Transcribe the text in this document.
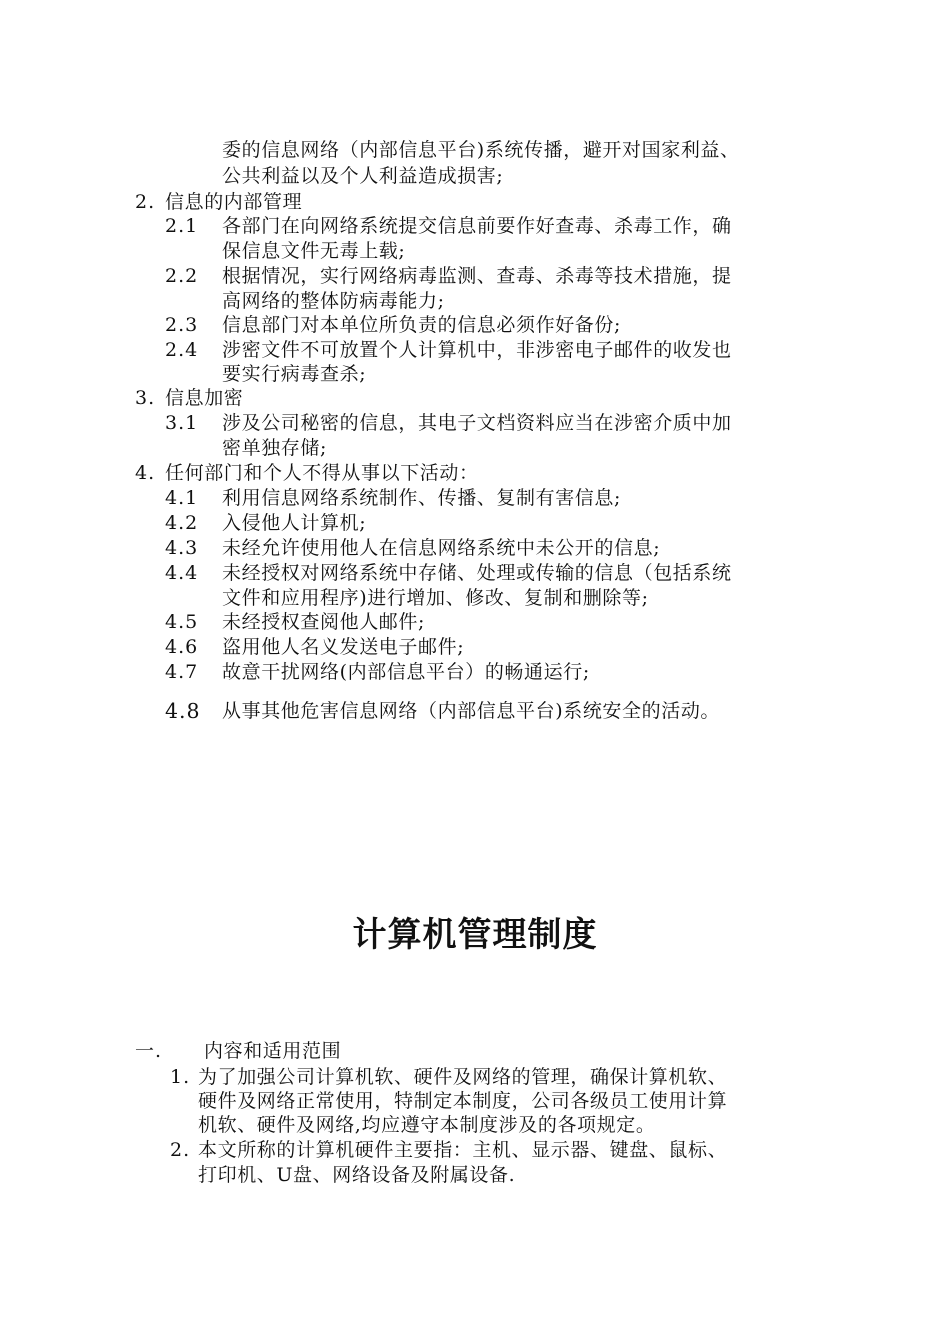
委的信息网络（内部信息平台)系统传播，避开对国家利益、
公共利益以及个人利益造成损害;
2. 信息的内部管理
2.1 各部门在向网络系统提交信息前要作好查毒、杀毒工作，确
保信息文件无毒上载;
2.2 根据情况，实行网络病毒监测、查毒、杀毒等技术措施，提
高网络的整体防病毒能力;
2.3 信息部门对本单位所负责的信息必须作好备份;
2.4 涉密文件不可放置个人计算机中，非涉密电子邮件的收发也
要实行病毒查杀;
3. 信息加密
3.1 涉及公司秘密的信息，其电子文档资料应当在涉密介质中加
密单独存储;
4. 任何部门和个人不得从事以下活动：
4.1 利用信息网络系统制作、传播、复制有害信息;
4.2 入侵他人计算机;
4.3 未经允许使用他人在信息网络系统中未公开的信息;
4.4 未经授权对网络系统中存储、处理或传输的信息（包括系统
文件和应用程序)进行增加、修改、复制和删除等;
4.5 未经授权查阅他人邮件;
4.6 盗用他人名义发送电子邮件;
4.7 故意干扰网络(内部信息平台）的畅通运行;
4.8 从事其他危害信息网络（内部信息平台)系统安全的活动。
计算机管理制度
一. 内容和适用范围
1. 为了加强公司计算机软、硬件及网络的管理，确保计算机软、
硬件及网络正常使用，特制定本制度，公司各级员工使用计算
机软、硬件及网络,均应遵守本制度涉及的各项规定。
2. 本文所称的计算机硬件主要指：主机、显示器、键盘、鼠标、
打印机、U盘、网络设备及附属设备.
